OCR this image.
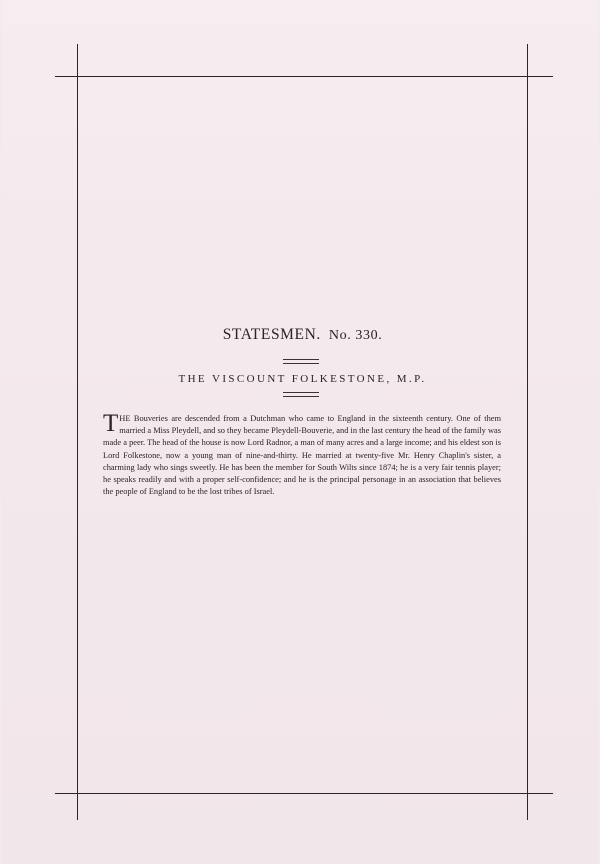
STATESMEN. No. 330.
THE VISCOUNT FOLKESTONE, M.P.
THE Bouveries are descended from a Dutchman who came to England in the sixteenth century. One of them married a Miss Pleydell, and so they became Pleydell-Bouverie, and in the last century the head of the family was made a peer. The head of the house is now Lord Radnor, a man of many acres and a large income; and his eldest son is Lord Folkestone, now a young man of nine-and-thirty. He married at twenty-five Mr. Henry Chaplin's sister, a charming lady who sings sweetly. He has been the member for South Wilts since 1874; he is a very fair tennis player; he speaks readily and with a proper self-confidence; and he is the principal personage in an association that believes the people of England to be the lost tribes of Israel.
